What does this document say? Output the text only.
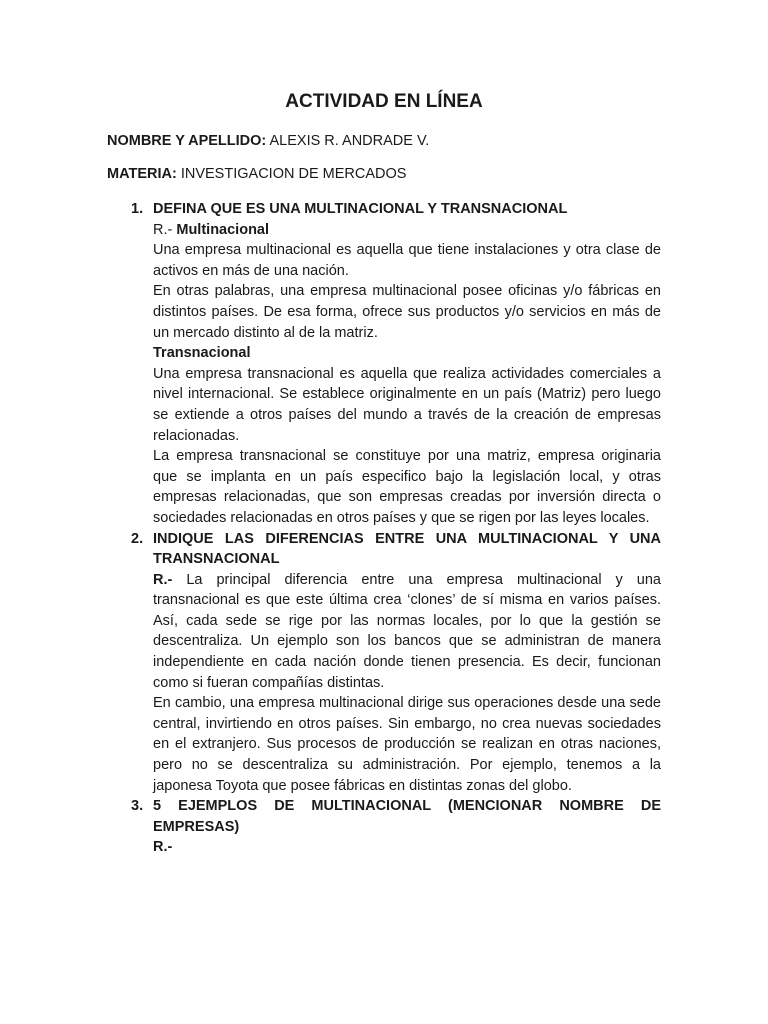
ACTIVIDAD EN LÍNEA
NOMBRE Y APELLIDO: ALEXIS R. ANDRADE V.
MATERIA: INVESTIGACION DE MERCADOS
1. DEFINA QUE ES UNA MULTINACIONAL Y TRANSNACIONAL

R.- Multinacional

Una empresa multinacional es aquella que tiene instalaciones y otra clase de activos en más de una nación.

En otras palabras, una empresa multinacional posee oficinas y/o fábricas en distintos países. De esa forma, ofrece sus productos y/o servicios en más de un mercado distinto al de la matriz.

Transnacional

Una empresa transnacional es aquella que realiza actividades comerciales a nivel internacional. Se establece originalmente en un país (Matriz) pero luego se extiende a otros países del mundo a través de la creación de empresas relacionadas.

La empresa transnacional se constituye por una matriz, empresa originaria que se implanta en un país especifico bajo la legislación local, y otras empresas relacionadas, que son empresas creadas por inversión directa o sociedades relacionadas en otros países y que se rigen por las leyes locales.

2. INDIQUE LAS DIFERENCIAS ENTRE UNA MULTINACIONAL Y UNA TRANSNACIONAL

R.- La principal diferencia entre una empresa multinacional y una transnacional es que este última crea ‘clones’ de sí misma en varios países. Así, cada sede se rige por las normas locales, por lo que la gestión se descentraliza. Un ejemplo son los bancos que se administran de manera independiente en cada nación donde tienen presencia. Es decir, funcionan como si fueran compañías distintas.

En cambio, una empresa multinacional dirige sus operaciones desde una sede central, invirtiendo en otros países. Sin embargo, no crea nuevas sociedades en el extranjero. Sus procesos de producción se realizan en otras naciones, pero no se descentraliza su administración. Por ejemplo, tenemos a la japonesa Toyota que posee fábricas en distintas zonas del globo.

3. 5 EJEMPLOS DE MULTINACIONAL (MENCIONAR NOMBRE DE EMPRESAS)

R.-
